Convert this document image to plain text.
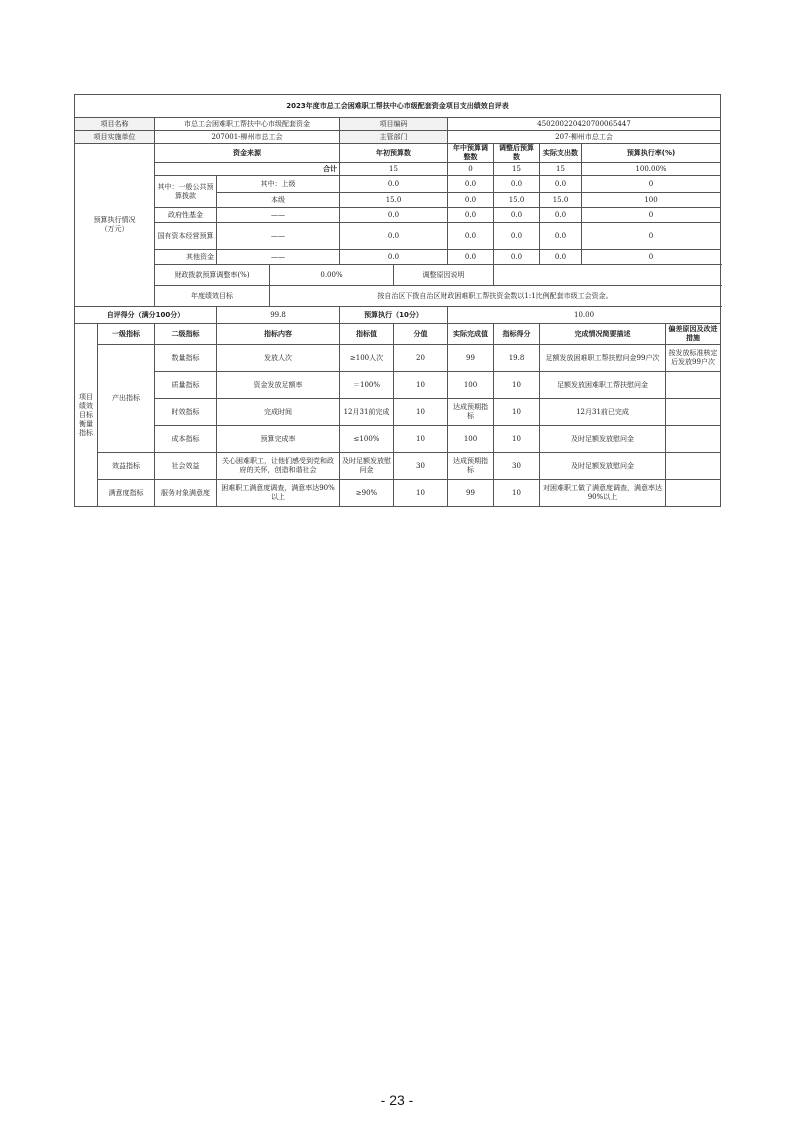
2023年度市总工会困难职工帮扶中心市级配套资金项目支出绩效自评表											
项目名称		市总工会困难职工帮扶中心市级配套资金			项目编码		450200220420700065447				
项目实施单位		207001-柳州市总工会			主管部门		207-柳州市总工会				
预算执行情况
（万元）		资金来源			年初预算数		年中预算调整数	调整后预算数	实际支出数	预算执行率(%)	
		合计			15		0	15	15	100.00%	
		其中：一般公共预算拨款	其中：上级		0.0		0.0	0.0	0.0	0	
			本级		15.0		0.0	15.0	15.0	100	
		政府性基金	——		0.0		0.0	0.0	0.0	0	
		国有资本经营预算	——		0.0		0.0	0.0	0.0	0	
		其他资金	——		0.0		0.0	0.0	0.0	0	
		财政拨款预算调整率(%)		0.00%		调整原因说明					
		年度绩效目标		按自治区下拨自治区财政困难职工帮扶资金数以1:1比例配套市级工会资金。							
自评得分（满分100分）			99.8		预算执行（10分）		10.00				
项目绩效目标衡量指标	一级指标	二级指标	指标内容		指标值	分值	实际完成值	指标得分	完成情况简要描述		偏差原因及改进措施
	产出指标	数量指标	发放人次		≥100人次	20	99	19.8	足额发放困难职工帮扶慰问金99户次		按发放标准核定后发放99户次
		质量指标	资金发放足额率		＝100%	10	100	10	足额发放困难职工帮扶慰问金		
		时效指标	完成时间		12月31前完成	10	达成预期指标	10	12月31前已完成		
		成本指标	预算完成率		≤100%	10	100	10	及时足额发放慰问金		
	效益指标	社会效益	关心困难职工，让他们感受到党和政府的关怀，创造和谐社会		及时足额发放慰问金	30	达成预期指标	30	及时足额发放慰问金		
	满意度指标	服务对象满意度	困难职工满意度调查，满意率达90%以上		≥90%	10	99	10	对困难职工做了满意度调查，满意率达90%以上		
- 23 -
